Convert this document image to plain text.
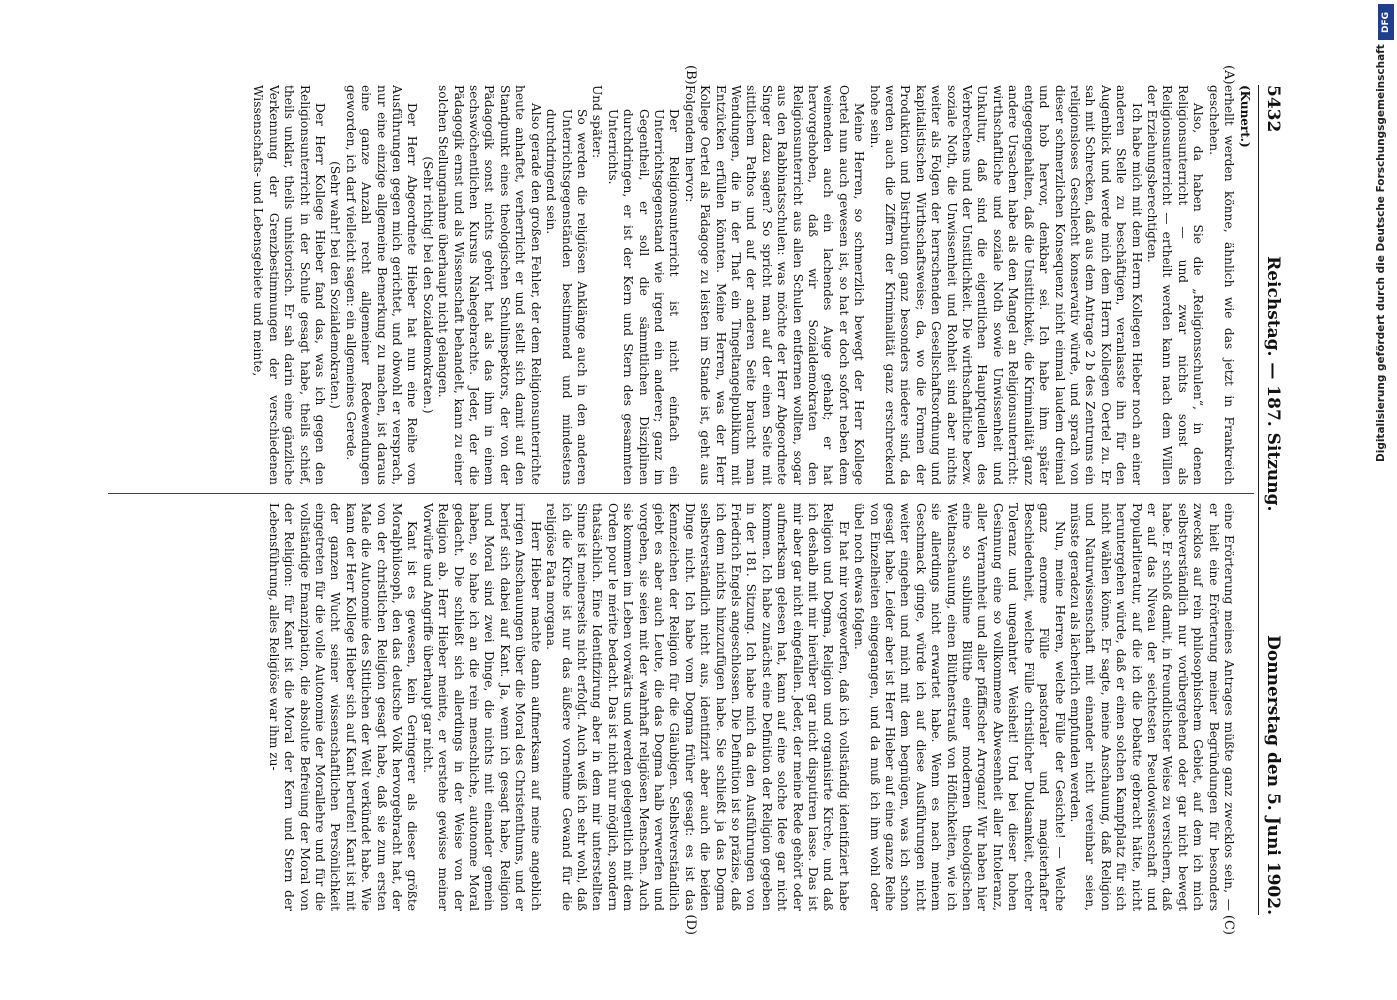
5432
Reichstag. — 187. Sitzung.
Donnerstag den 5. Juni 1902.
(Kunert.)
(A)
(B)
(C)
(D)

erhellt werden könne, ähnlich wie das jetzt in Frankreich geschehen.

Also, da haben Sie die „Religionsschulen“, in denen Religionsunterricht — und zwar nichts sonst als Religionsunterricht — ertheilt werden kann nach dem Willen der Erziehungsberechtigten.

Ich habe mich mit dem Herrn Kollegen Hieber noch an einer anderen Stelle zu beschäftigen, veranlasste ihn für den Augenblick und werde mich dem Herrn Kollegen Oertel zu. Er sah mit Schrecken, daß aus dem Antrage 2 b des Zentrums ein religionsloses Geschlecht konservativ würde, und sprach von dieser schmerzlichen Konsequenz nicht einmal laudem dreimal und hob hervor, denkbar sei. Ich habe ihm später entgegengehalten, daß die Unsittlichkeit, die Kriminalität ganz andere Ursachen habe als den Mangel an Religionsunterricht: wirthschaftliche und soziale Noth sowie Unwissenheit und Unkultur, daß sind die eigentlichen Hauptquellen des Verbrechens und der Unsittlichkeit. Die wirthschaftliche bezw. soziale Noth, die Unwissenheit und Rohheit sind aber nichts weiter als Folgen der herrschenden Gesellschaftsordnung und kapitalistischen Wirthschaftsweise; da, wo die Formen der Produktion und Distribution ganz besonders niedere sind, da werden auch die Ziffern der Kriminalität ganz erschreckend hohe sein.

Meine Herren, so schmerzlich bewegt der Herr Kollege Oertel nun auch gewesen ist, so hat er doch sofort neben dem weinenden auch ein lachendes Auge gehabt; er hat hervorgehoben, daß wir Sozialdemokraten den Religionsunterricht aus allen Schulen entfernen wollten, sogar aus den Rabbinatsschulen: was möchte der Herr Abgeordnete Singer dazu sagen? So spricht man auf der einen Seite mit sittlichem Pathos und auf der anderen Seite braucht man Wendungen, die in der That ein Tingeltangelpublikum mit Entzücken erfüllen könnten. Meine Herren, was der Herr Kollege Oertel als Pädagoge zu leisten im Stande ist, geht aus Folgendem hervor:

Der Religionsunterricht ist nicht einfach ein Unterrichtsgegenstand wie irgend ein anderer; ganz im Gegentheil, er soll die sämmtlichen Disziplinen durchdringen, er ist der Kern und Stern des gesammten Unterrichts.

Und später:

So werden die religiösen Anklänge auch in den anderen Unterrichtsgegenständen bestimmend und mindestens durchdringend sein.

Also gerade den großen Fehler, der dem Religionsunterrichte heute anhaftet, verherrlicht er und stellt sich damit auf den Standpunkt eines theologischen Schulinspektors, der von der Pädagogik sonst nichts gehört hat als das ihm in einem sechswöchentlichen Kursus Nahegebrachte. Jeder, der die Pädagogik ernst und als Wissenschaft behandelt, kann zu einer solchen Stellungnahme überhaupt nicht gelangen.

(Sehr richtig! bei den Sozialdemokraten.)

Der Herr Abgeordnete Hieber hat nun eine Reihe von Ausführungen gegen mich gerichtet, und obwohl er versprach, nur eine einzige allgemeine Bemerkung zu machen, ist daraus eine ganze Anzahl recht allgemeiner Redewendungen geworden, ich darf vielleicht sagen: ein allgemeines Gerede.

(Sehr wahr! bei den Sozialdemokraten.)

Der Herr Kollege Hieber fand das, was ich gegen den Religionsunterricht in der Schule gesagt habe, theils schief, theils unklar, theils unhistorisch. Er sah darin eine gänzliche Verkennung der Grenzbestimmungen der verschiedenen Wissenschafts- und Lebensgebiete und meinte,

eine Erörterung meines Antrages müßte ganz zwecklos sein, — er hielt eine Erörterung meiner Begründungen für besonders zwecklos auf rein philosophischem Gebiet, auf dem ich mich selbstverständlich nur vorübergehend oder gar nicht bewegt habe. Er schloß damit, in freundlichster Weise zu versichern, daß er auf das Niveau der seichtesten Pseudowissenschaft und Popularliteratur, auf die ich die Debatte gebracht hätte, nicht heruntergehen würde, daß er einen solchen Kampfplatz für sich nicht wählen könne. Er sagte, meine Anschauung, daß Religion und Naturwissenschaft mit einander nicht vereinbar seien, müsste geradezu als lächerlich empfunden werden.

Nun, meine Herren, welche Fülle der Gesichte! — Welche ganz enorme Fülle pastoraler und magisterhafter Beschiedenheit, welche Fülle christlicher Duldsamkeit, echter Toleranz und ungeahnter Weisheit! Und bei dieser hohen Gesinnung eine so vollkommene Abwesenheit aller Intoleranz, aller Verrannheit und aller pfäffischer Arroganz! Wir haben hier eine so sublime Blüthe einer modernen theologischen Weltanschauung, einen Blüthenstrauß von Höflichkeiten, wie ich sie allerdings nicht erwartet habe. Wenn es nach meinem Geschmack ginge, würde ich auf diese Ausführungen nicht weiter eingehen und mich mit dem begnügen, was ich schon gesagt habe. Leider aber ist Herr Hieber auf eine ganze Reihe von Einzelheiten eingegangen, und da muß ich ihm wohl oder übel noch etwas folgen.

Er hat mir vorgeworfen, daß ich vollständig identifiziert habe Religion und Dogma, Religion und organisirte Kirche, und daß ich deshalb mit mir hierüber gar nicht disputiren lasse. Das ist mir aber gar nicht eingefallen. Jeder, der meine Rede gehört oder aufmerksam gelesen hat, kann auf eine solche Idee gar nicht kommen. Ich habe zunächst eine Definition der Religion gegeben in der 181. Sitzung. Ich habe mich da den Ausführungen von Friedrich Engels angeschlossen. Die Definition ist so präzise, daß ich dem nichts hinzuzufügen habe. Sie schließt ja das Dogma selbstverständlich nicht aus, identifizirt aber auch die beiden Dinge nicht. Ich habe vom Dogma früher gesagt: es ist das Kennzeichen der Religion für die Gläubigen. Selbstverständlich giebt es aber auch Leute, die das Dogma halb verwerfen und vorgeben, sie seien mit der wahrhaft religiösen Menschen. Auch sie kommen im Leben vorwärts und werden gelegentlich mit dem Orden pour le mérite bedacht. Das ist nicht nur möglich, sondern thatsächlich. Eine Identifizirung aber in dem mir unterstellten Sinne ist meinerseits nicht erfolgt. Auch weiß ich sehr wohl, daß ich die Kirche ist nur das äußere vornehme Gewand für die religiöse Fata morgana.

Herr Hieber machte dann aufmerksam auf meine angeblich irrigen Anschauungen über die Moral des Christenthums, und er berief sich dabei auf Kant. Ja, wenn ich gesagt habe, Religion und Moral sind zwei Dinge, die nichts mit einander gemein haben, so habe ich an die rein menschliche, autonome Moral gedacht. Die schließt sich allerdings in der Weise von der Religion ab. Herr Hieber meinte, er verstehe gewisse meiner Vorwürfe und Angriffe überhaupt gar nicht.

Kant ist es gewesen, kein Geringerer als dieser größte Moralphilosoph, den das deutsche Volk hervorgebracht hat, der von der christlichen Religion gesagt habe, daß sie zum ersten Male die Autonomie des Sittlichen der Welt verkündet habe. Wie kann der Herr Kollege Hieber sich auf Kant berufen! Kant ist mit der ganzen Wucht seiner wissenschaftlichen Persönlichkeit eingetreten für die volle Autonomie der Morallehre und für die vollständige Emanzipation, die absolute Befreiung der Moral von der Religion: für Kant ist die Moral der Kern und Stern der Lebensführung, alles Religiöse war ihm zu-

DFG
Digitalisierung gefördert durch die Deutsche Forschungsgemeinschaft
